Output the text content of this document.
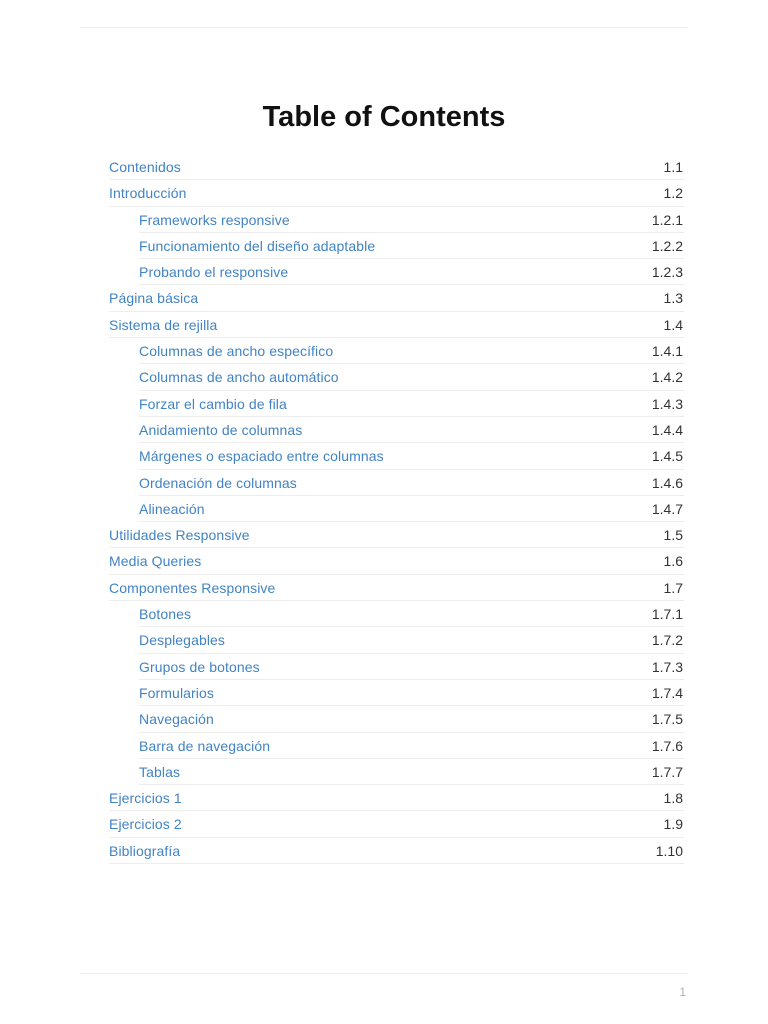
Table of Contents
Contenidos	1.1
Introducción	1.2
Frameworks responsive	1.2.1
Funcionamiento del diseño adaptable	1.2.2
Probando el responsive	1.2.3
Página básica	1.3
Sistema de rejilla	1.4
Columnas de ancho específico	1.4.1
Columnas de ancho automático	1.4.2
Forzar el cambio de fila	1.4.3
Anidamiento de columnas	1.4.4
Márgenes o espaciado entre columnas	1.4.5
Ordenación de columnas	1.4.6
Alineación	1.4.7
Utilidades Responsive	1.5
Media Queries	1.6
Componentes Responsive	1.7
Botones	1.7.1
Desplegables	1.7.2
Grupos de botones	1.7.3
Formularios	1.7.4
Navegación	1.7.5
Barra de navegación	1.7.6
Tablas	1.7.7
Ejercicios 1	1.8
Ejercicios 2	1.9
Bibliografía	1.10
1
